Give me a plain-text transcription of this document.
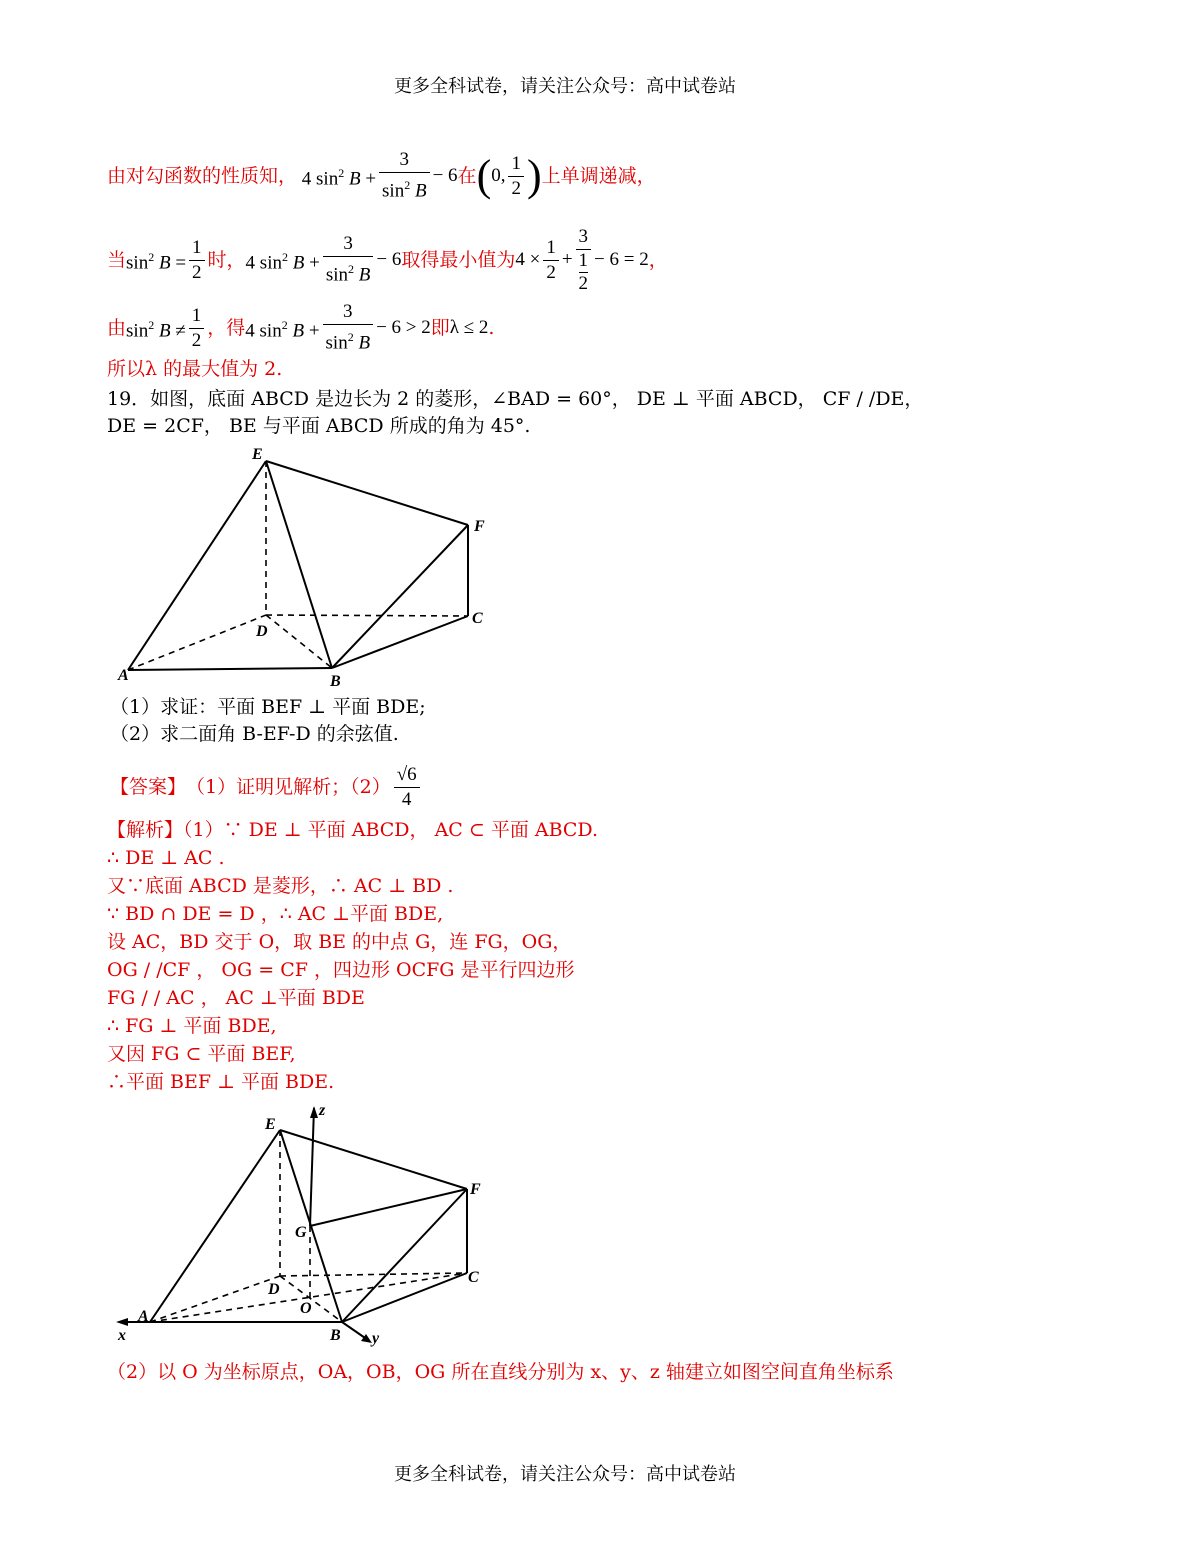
更多全科试卷，请关注公众号：高中试卷站
由对勾函数的性质知， 4 $\sin^2 B + \frac{3}{\sin^2 B} - 6$ 在 ( 0, $\frac{1}{2}$ ) 上单调递减，
当 $\sin^2 B = \frac{1}{2}$ 时， 4 $\sin^2 B + \frac{3}{\sin^2 B} - 6$ 取得最小值为 $4 \times \frac{1}{2} + 3$
1
2 − 6 = 2 ，
由 $\sin^2 B \ne \frac{1}{2}$ ，得 4 $\sin^2 B + \frac{3}{\sin^2 B} - 6 > 2$ 即 λ ≤ 2 .
所以λ 的最大值为 2.
19．如图，底面 ABCD 是边长为 2 的菱形，∠BAD = 60°， DE ⊥ 平面 ABCD， CF / /DE，
DE = 2CF， BE 与平面 ABCD 所成的角为 45°.
E
F
C
D
A	B
（1）求证：平面 BEF ⊥ 平面 BDE;
（2）求二面角 B-EF-D 的余弦值.
【答案】 （1）证明见解析；$(2) \frac{√6}{4}$
【解析】（1）∵ DE ⊥ 平面 ABCD， AC ⊂ 平面 ABCD.
∴ DE ⊥ AC .
又∵底面 ABCD 是菱形，∴ AC ⊥ BD .
∵ BD ∩ DE = D ，∴ AC ⊥平面 BDE,
设 AC，BD 交于 O，取 BE 的中点 G，连 FG，OG，
OG / /CF ， OG = CF ，四边形 OCFG 是平行四边形
FG / / AC ， AC ⊥平面 BDE
∴ FG ⊥ 平面 BDE,
又因 FG ⊂ 平面 BEF,
∴平面 BEF ⊥ 平面 BDE.
E
F
C
D
A
B
G
O
z
x	y
（2）以 O 为坐标原点，OA，OB，OG 所在直线分别为 x、y、z 轴建立如图空间直角坐标系
更多全科试卷，请关注公众号：高中试卷站
